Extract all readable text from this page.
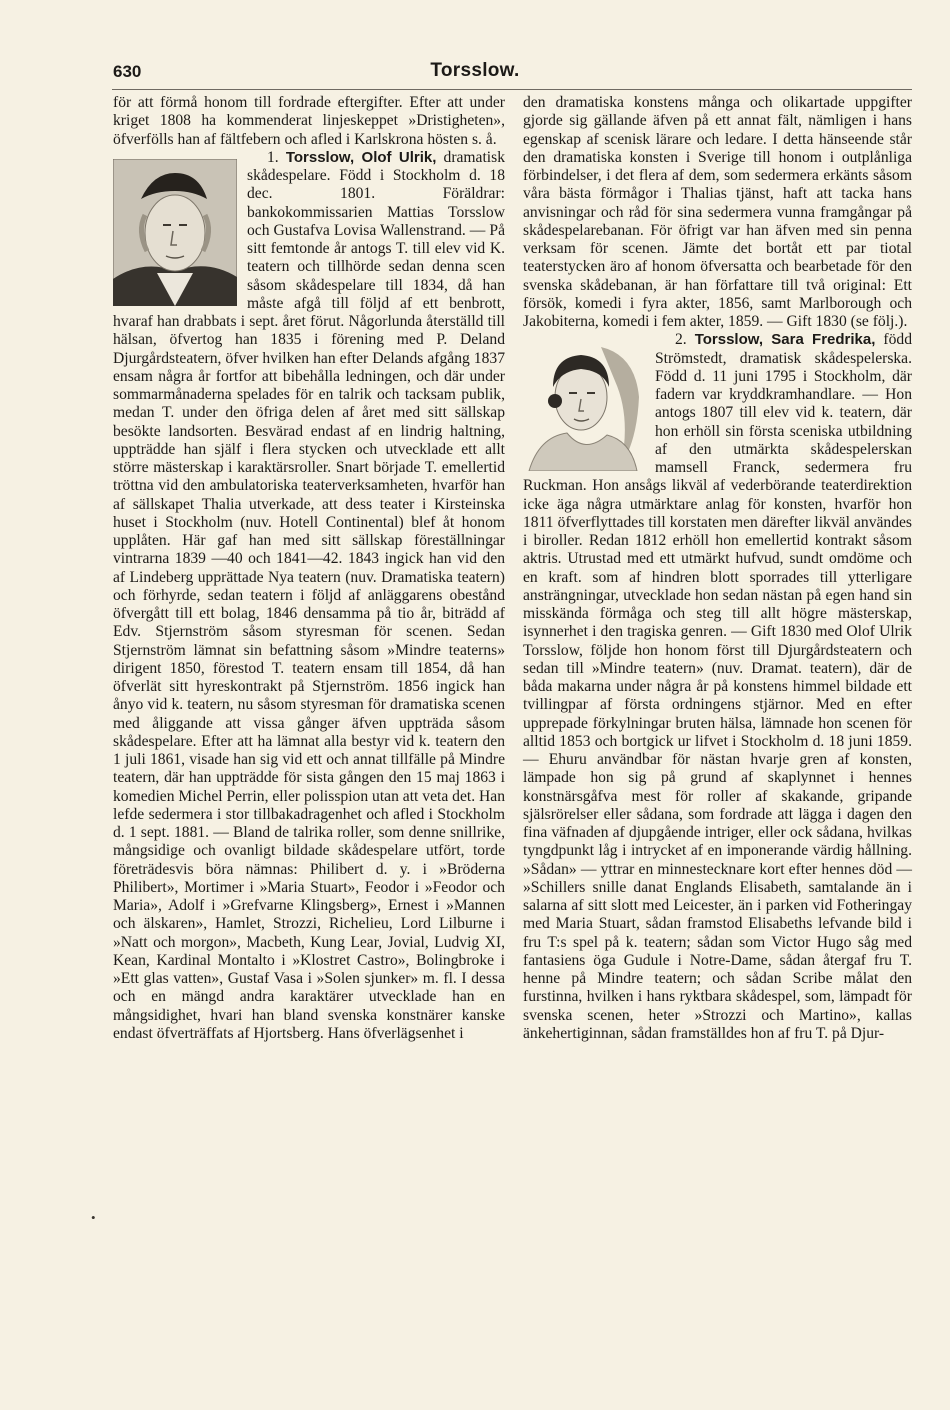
630	Torsslow.

för att förmå honom till fordrade eftergifter. Efter att under kriget 1808 ha kommenderat linjeskeppet »Dristigheten», öfverfölls han af fältfebern och afled i Karlskrona hösten s. å.

1. Torsslow, Olof Ulrik, dramatisk skådespelare. Född i Stockholm d. 18 dec. 1801. Föräldrar: bankokommissarien Mattias Torsslow och Gustafva Lovisa Wallenstrand. — På sitt femtonde år antogs T. till elev vid K. teatern och tillhörde sedan denna scen såsom skådespelare till 1834, då han måste afgå till följd af ett benbrott, hvaraf han drabbats i sept. året förut. Någorlunda återställd till hälsan, öfvertog han 1835 i förening med P. Deland Djurgårdsteatern, öfver hvilken han efter Delands afgång 1837 ensam några år fortfor att bibehålla ledningen, och där under sommarmånaderna spelades för en talrik och tacksam publik, medan T. under den öfriga delen af året med sitt sällskap besökte landsorten. Besvärad endast af en lindrig haltning, uppträdde han själf i flera stycken och utvecklade ett allt större mästerskap i karaktärsroller. Snart började T. emellertid tröttna vid den ambulatoriska teaterverksamheten, hvarför han af sällskapet Thalia utverkade, att dess teater i Kirsteinska huset i Stockholm (nuv. Hotell Continental) blef åt honom upplåten. Här gaf han med sitt sällskap föreställningar vintrarna 1839 —40 och 1841—42. 1843 ingick han vid den af Lindeberg upprättade Nya teatern (nuv. Dramatiska teatern) och förhyrde, sedan teatern i följd af anläggarens obestånd öfvergått till ett bolag, 1846 densamma på tio år, biträdd af Edv. Stjernström såsom styresman för scenen. Sedan Stjernström lämnat sin befattning såsom »Mindre teaterns» dirigent 1850, förestod T. teatern ensam till 1854, då han öfverlät sitt hyreskontrakt på Stjernström. 1856 ingick han ånyo vid k. teatern, nu såsom styresman för dramatiska scenen med åliggande att vissa gånger äfven uppträda såsom skådespelare. Efter att ha lämnat alla bestyr vid k. teatern den 1 juli 1861, visade han sig vid ett och annat tillfälle på Mindre teatern, där han uppträdde för sista gången den 15 maj 1863 i komedien Michel Perrin, eller polisspion utan att veta det. Han lefde sedermera i stor tillbakadragenhet och afled i Stockholm d. 1 sept. 1881. — Bland de talrika roller, som denne snillrike, mångsidige och ovanligt bildade skådespelare utfört, torde företrädesvis böra nämnas: Philibert d. y. i »Bröderna Philibert», Mortimer i »Maria Stuart», Feodor i »Feodor och Maria», Adolf i »Grefvarne Klingsberg», Ernest i »Mannen och älskaren», Hamlet, Strozzi, Richelieu, Lord Lilburne i »Natt och morgon», Macbeth, Kung Lear, Jovial, Ludvig XI, Kean, Kardinal Montalto i »Klostret Castro», Bolingbroke i »Ett glas vatten», Gustaf Vasa i »Solen sjunker» m. fl. I dessa och en mängd andra karaktärer utvecklade han en mångsidighet, hvari han bland svenska konstnärer kanske endast öfverträffats af Hjortsberg. Hans öfverlägsenhet i

den dramatiska konstens många och olikartade uppgifter gjorde sig gällande äfven på ett annat fält, nämligen i hans egenskap af scenisk lärare och ledare. I detta hänseende står den dramatiska konsten i Sverige till honom i outplånliga förbindelser, i det flera af dem, som sedermera erkänts såsom våra bästa förmågor i Thalias tjänst, haft att tacka hans anvisningar och råd för sina sedermera vunna framgångar på skådespelarebanan. För öfrigt var han äfven med sin penna verksam för scenen. Jämte det bortåt ett par tiotal teaterstycken äro af honom öfversatta och bearbetade för den svenska skådebanan, är han författare till två original: Ett försök, komedi i fyra akter, 1856, samt Marlborough och Jakobiterna, komedi i fem akter, 1859. — Gift 1830 (se följ.).

2. Torsslow, Sara Fredrika, född Strömstedt, dramatisk skådespelerska. Född d. 11 juni 1795 i Stockholm, där fadern var kryddkramhandlare. — Hon antogs 1807 till elev vid k. teatern, där hon erhöll sin första sceniska utbildning af den utmärkta skådespelerskan mamsell Franck, sedermera fru Ruckman. Hon ansågs likväl af vederbörande teaterdirektion icke äga några utmärktare anlag för konsten, hvarför hon 1811 öfverflyttades till korstaten men därefter likväl användes i biroller. Redan 1812 erhöll hon emellertid kontrakt såsom aktris. Utrustad med ett utmärkt hufvud, sundt omdöme och en kraft. som af hindren blott sporrades till ytterligare ansträngningar, utvecklade hon sedan nästan på egen hand sin misskända förmåga och steg till allt högre mästerskap, isynnerhet i den tragiska genren. — Gift 1830 med Olof Ulrik Torsslow, följde hon honom först till Djurgårdsteatern och sedan till »Mindre teatern» (nuv. Dramat. teatern), där de båda makarna under några år på konstens himmel bildade ett tvillingpar af första ordningens stjärnor. Med en efter upprepade förkylningar bruten hälsa, lämnade hon scenen för alltid 1853 och bortgick ur lifvet i Stockholm d. 18 juni 1859. — Ehuru användbar för nästan hvarje gren af konsten, lämpade hon sig på grund af skaplynnet i hennes konstnärsgåfva mest för roller af skakande, gripande själsrörelser eller sådana, som fordrade att lägga i dagen den fina väfnaden af djupgående intriger, eller ock sådana, hvilkas tyngdpunkt låg i intrycket af en imponerande värdig hållning. »Sådan» — yttrar en minnestecknare kort efter hennes död — »Schillers snille danat Englands Elisabeth, samtalande än i salarna af sitt slott med Leicester, än i parken vid Fotheringay med Maria Stuart, sådan framstod Elisabeths lefvande bild i fru T:s spel på k. teatern; sådan som Victor Hugo såg med fantasiens öga Gudule i Notre-Dame, sådan återgaf fru T. henne på Mindre teatern; och sådan Scribe målat den furstinna, hvilken i hans ryktbara skådespel, som, lämpadt för svenska scenen, heter »Strozzi och Martino», kallas änkehertiginnan, sådan framställdes hon af fru T. på Djur-

•
